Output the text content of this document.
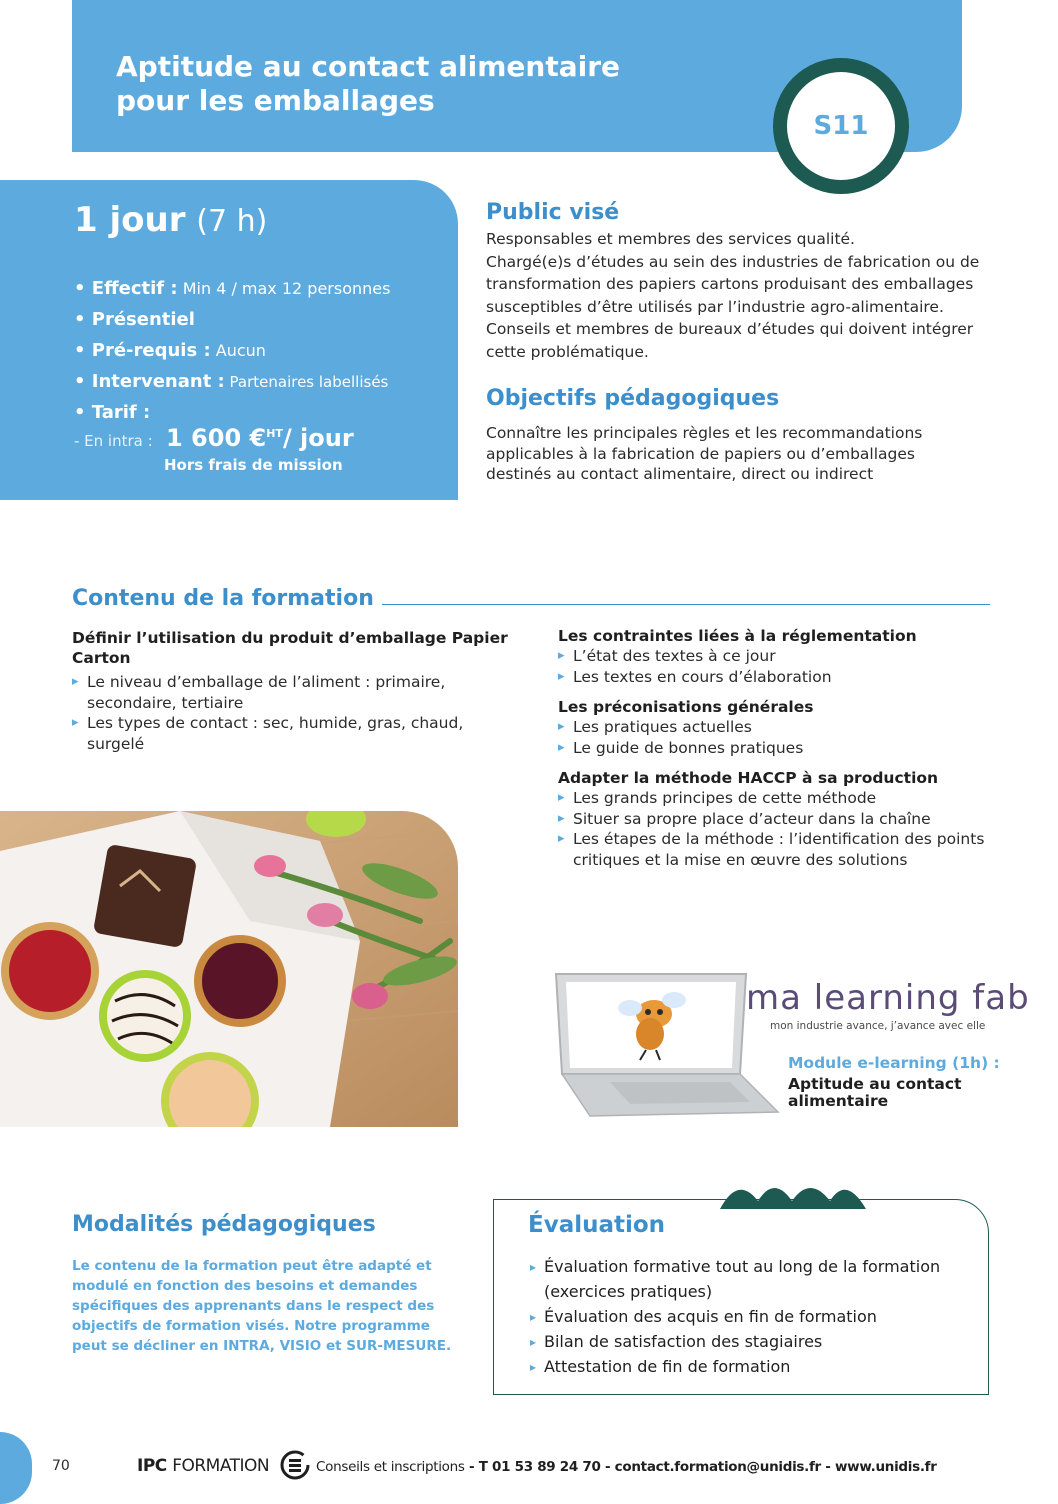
Aptitude au contact alimentaire
pour les emballages
S11
1 jour (7 h)
• Effectif : Min 4 / max 12 personnes
• Présentiel
• Pré-requis : Aucun
• Intervenant : Partenaires labellisés
• Tarif :
- En intra : 1 600 €$^{HT}$/ jour
Hors frais de mission
Public visé
Responsables et membres des services qualité.
Chargé(e)s d’études au sein des industries de fabrication ou de
transformation des papiers cartons produisant des emballages
susceptibles d’être utilisés par l’industrie agro-alimentaire.
Conseils et membres de bureaux d’études qui doivent intégrer
cette problématique.
Objectifs pédagogiques
Connaître les principales règles et les recommandations
applicables à la fabrication de papiers ou d’emballages
destinés au contact alimentaire, direct ou indirect
Contenu de la formation

Définir l’utilisation du produit d’emballage Papier Carton

▸ Le niveau d’emballage de l’aliment : primaire, secondaire, tertiaire
▸ Les types de contact : sec, humide, gras, chaud, surgelé

Les contraintes liées à la réglementation

▸ L’état des textes à ce jour
▸ Les textes en cours d’élaboration

Les préconisations générales

▸ Les pratiques actuelles
▸ Le guide de bonnes pratiques

Adapter la méthode HACCP à sa production

▸ Les grands principes de cette méthode
▸ Situer sa propre place d’acteur dans la chaîne
▸ Les étapes de la méthode : l’identification des points critiques et la mise en œuvre des solutions
ma learning fab
mon industrie avance, j’avance avec elle
Module e-learning (1h) :
Aptitude au contact alimentaire
Modalités pédagogiques
Le contenu de la formation peut être adapté et modulé en fonction des besoins et demandes spécifiques des apprenants dans le respect des objectifs de formation visés. Notre programme peut se décliner en INTRA, VISIO et SUR-MESURE.
Évaluation
▸ Évaluation formative tout au long de la formation (exercices pratiques)
▸ Évaluation des acquis en fin de formation
▸ Bilan de satisfaction des stagiaires
▸ Attestation de fin de formation
70	IPC FORMATION	Conseils et inscriptions - T 01 53 89 24 70 - contact.formation@unidis.fr - www.unidis.fr
